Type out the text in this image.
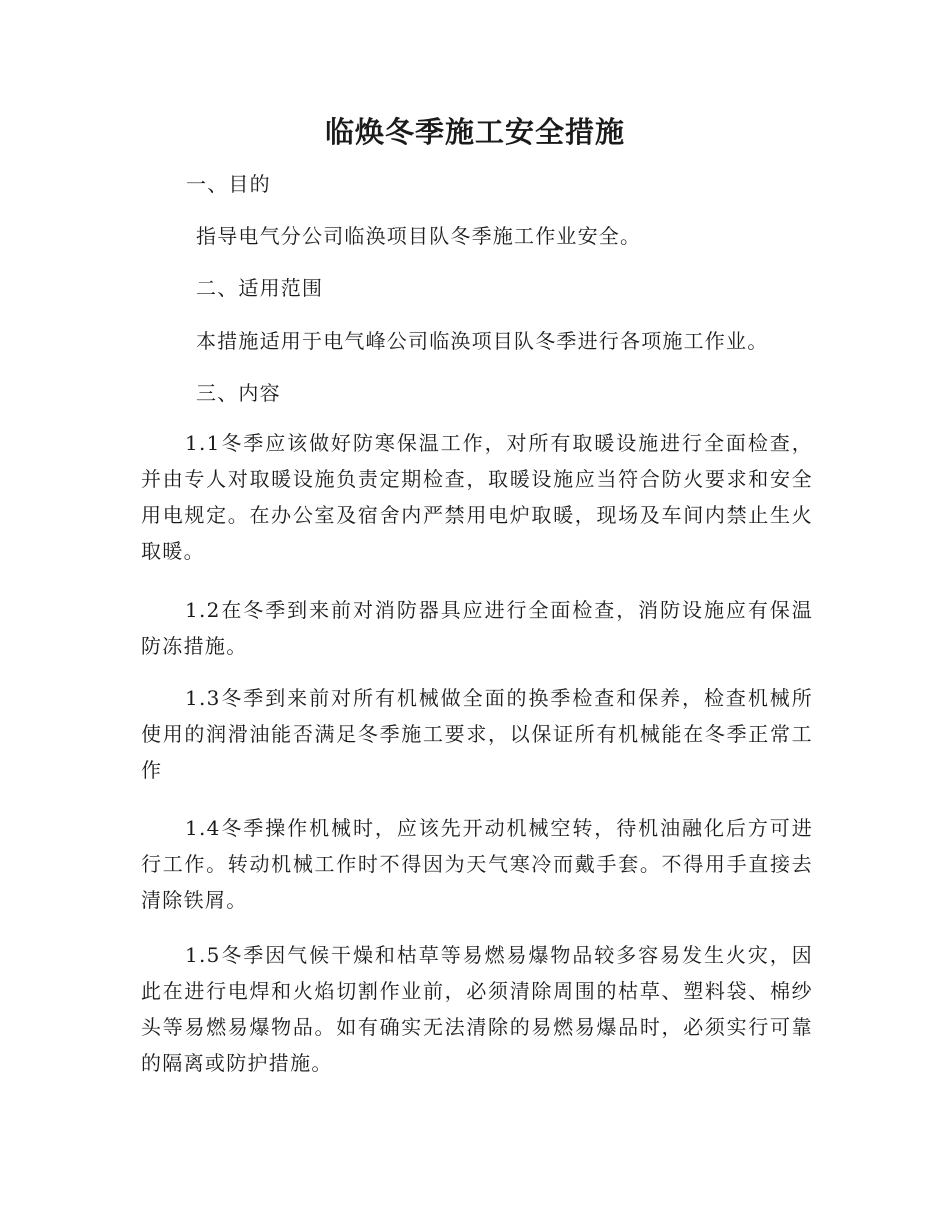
临焕冬季施工安全措施
一、目的
指导电气分公司临涣项目队冬季施工作业安全。
二、适用范围
本措施适用于电气峰公司临涣项目队冬季进行各项施工作业。
三、内容
1.1冬季应该做好防寒保温工作，对所有取暖设施进行全面检查，并由专人对取暖设施负责定期检查，取暖设施应当符合防火要求和安全用电规定。在办公室及宿舍内严禁用电炉取暖，现场及车间内禁止生火取暖。
1.2在冬季到来前对消防器具应进行全面检查，消防设施应有保温防冻措施。
1.3冬季到来前对所有机械做全面的换季检查和保养，检查机械所使用的润滑油能否满足冬季施工要求，以保证所有机械能在冬季正常工作
1.4冬季操作机械时，应该先开动机械空转，待机油融化后方可进行工作。转动机械工作时不得因为天气寒冷而戴手套。不得用手直接去清除铁屑。
1.5冬季因气候干燥和枯草等易燃易爆物品较多容易发生火灾，因此在进行电焊和火焰切割作业前，必须清除周围的枯草、塑料袋、棉纱头等易燃易爆物品。如有确实无法清除的易燃易爆品时，必须实行可靠的隔离或防护措施。
